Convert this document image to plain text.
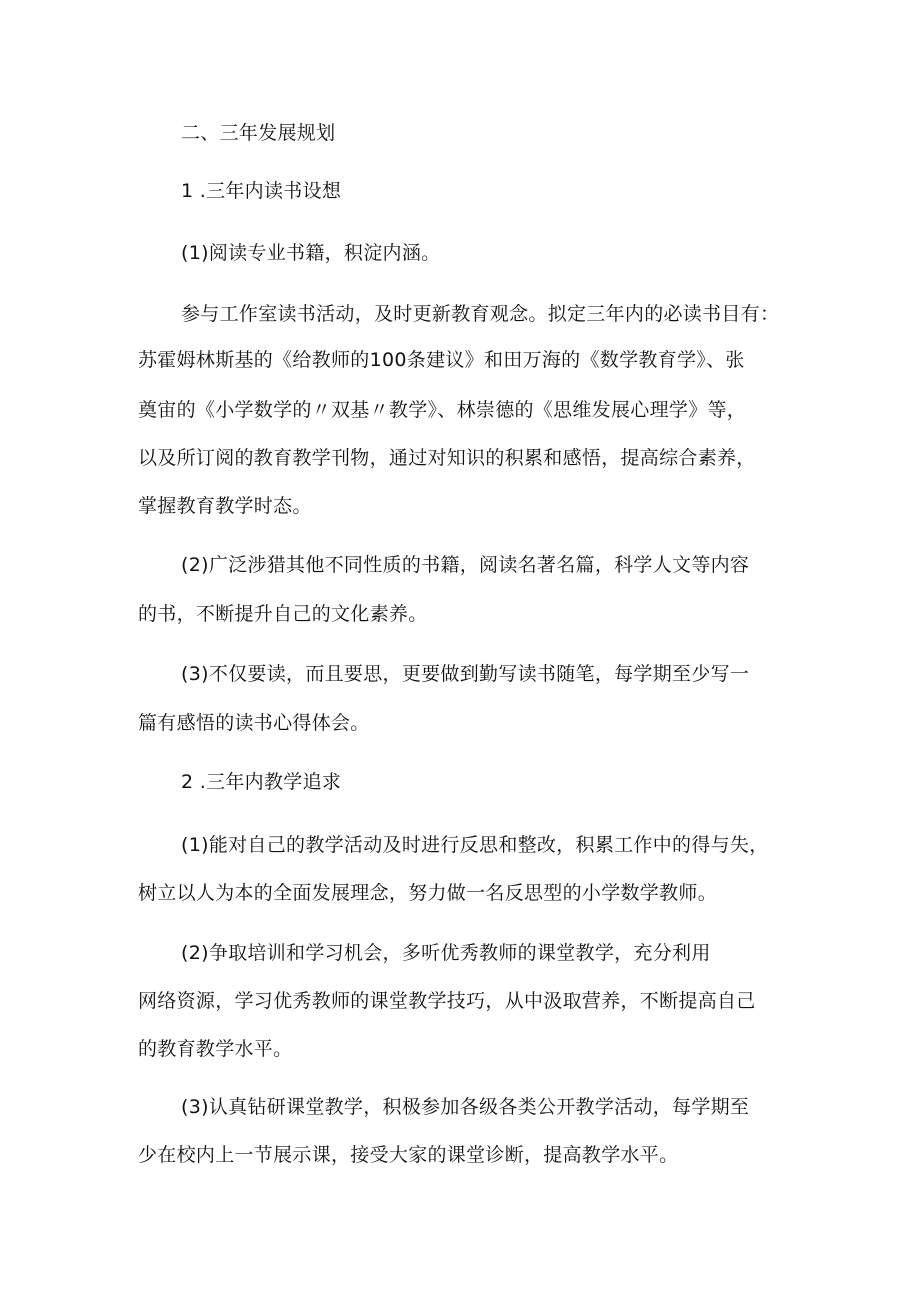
二、三年发展规划
1 .三年内读书设想
(1)阅读专业书籍，积淀内涵。
参与工作室读书活动，及时更新教育观念。拟定三年内的必读书目有：
苏霍姆林斯基的《给教师的100条建议》和田万海的《数学教育学》、张
奠宙的《小学数学的〃双基〃教学》、林崇德的《思维发展心理学》等，
以及所订阅的教育教学刊物，通过对知识的积累和感悟，提高综合素养，
掌握教育教学时态。
(2)广泛涉猎其他不同性质的书籍，阅读名著名篇，科学人文等内容
的书，不断提升自己的文化素养。
(3)不仅要读，而且要思，更要做到勤写读书随笔，每学期至少写一
篇有感悟的读书心得体会。
2 .三年内教学追求
(1)能对自己的教学活动及时进行反思和整改，积累工作中的得与失，
树立以人为本的全面发展理念，努力做一名反思型的小学数学教师。
(2)争取培训和学习机会，多听优秀教师的课堂教学，充分利用
网络资源，学习优秀教师的课堂教学技巧，从中汲取营养，不断提高自己
的教育教学水平。
(3)认真钻研课堂教学，积极参加各级各类公开教学活动，每学期至
少在校内上一节展示课，接受大家的课堂诊断，提高教学水平。
